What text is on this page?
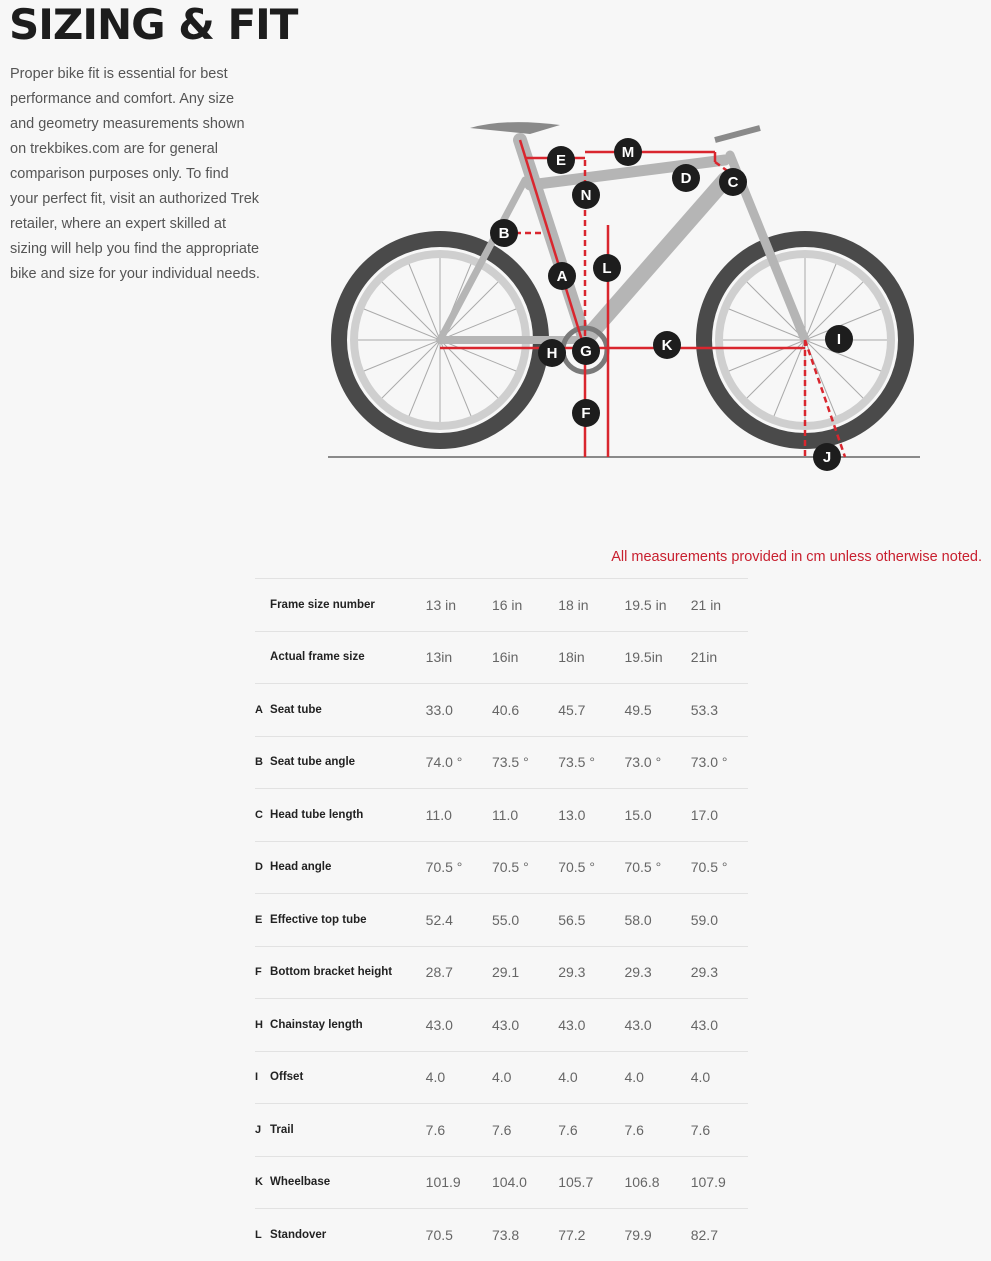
SIZING & FIT
Proper bike fit is essential for best performance and comfort. Any size and geometry measurements shown on trekbikes.com are for general comparison purposes only. To find your perfect fit, visit an authorized Trek retailer, where an expert skilled at sizing will help you find the appropriate bike and size for your individual needs.	A
B
C
D
E
F
G
H
I
J
K
L
M
N
All measurements provided in cm unless otherwise noted.
	Frame size number	13 in	16 in	18 in	19.5 in	21 in
	Actual frame size	13in	16in	18in	19.5in	21in
A	Seat tube	33.0	40.6	45.7	49.5	53.3
B	Seat tube angle	74.0 °	73.5 °	73.5 °	73.0 °	73.0 °
C	Head tube length	11.0	11.0	13.0	15.0	17.0
D	Head angle	70.5 °	70.5 °	70.5 °	70.5 °	70.5 °
E	Effective top tube	52.4	55.0	56.5	58.0	59.0
F	Bottom bracket height	28.7	29.1	29.3	29.3	29.3
H	Chainstay length	43.0	43.0	43.0	43.0	43.0
I	Offset	4.0	4.0	4.0	4.0	4.0
J	Trail	7.6	7.6	7.6	7.6	7.6
K	Wheelbase	101.9	104.0	105.7	106.8	107.9
L	Standover	70.5	73.8	77.2	79.9	82.7
